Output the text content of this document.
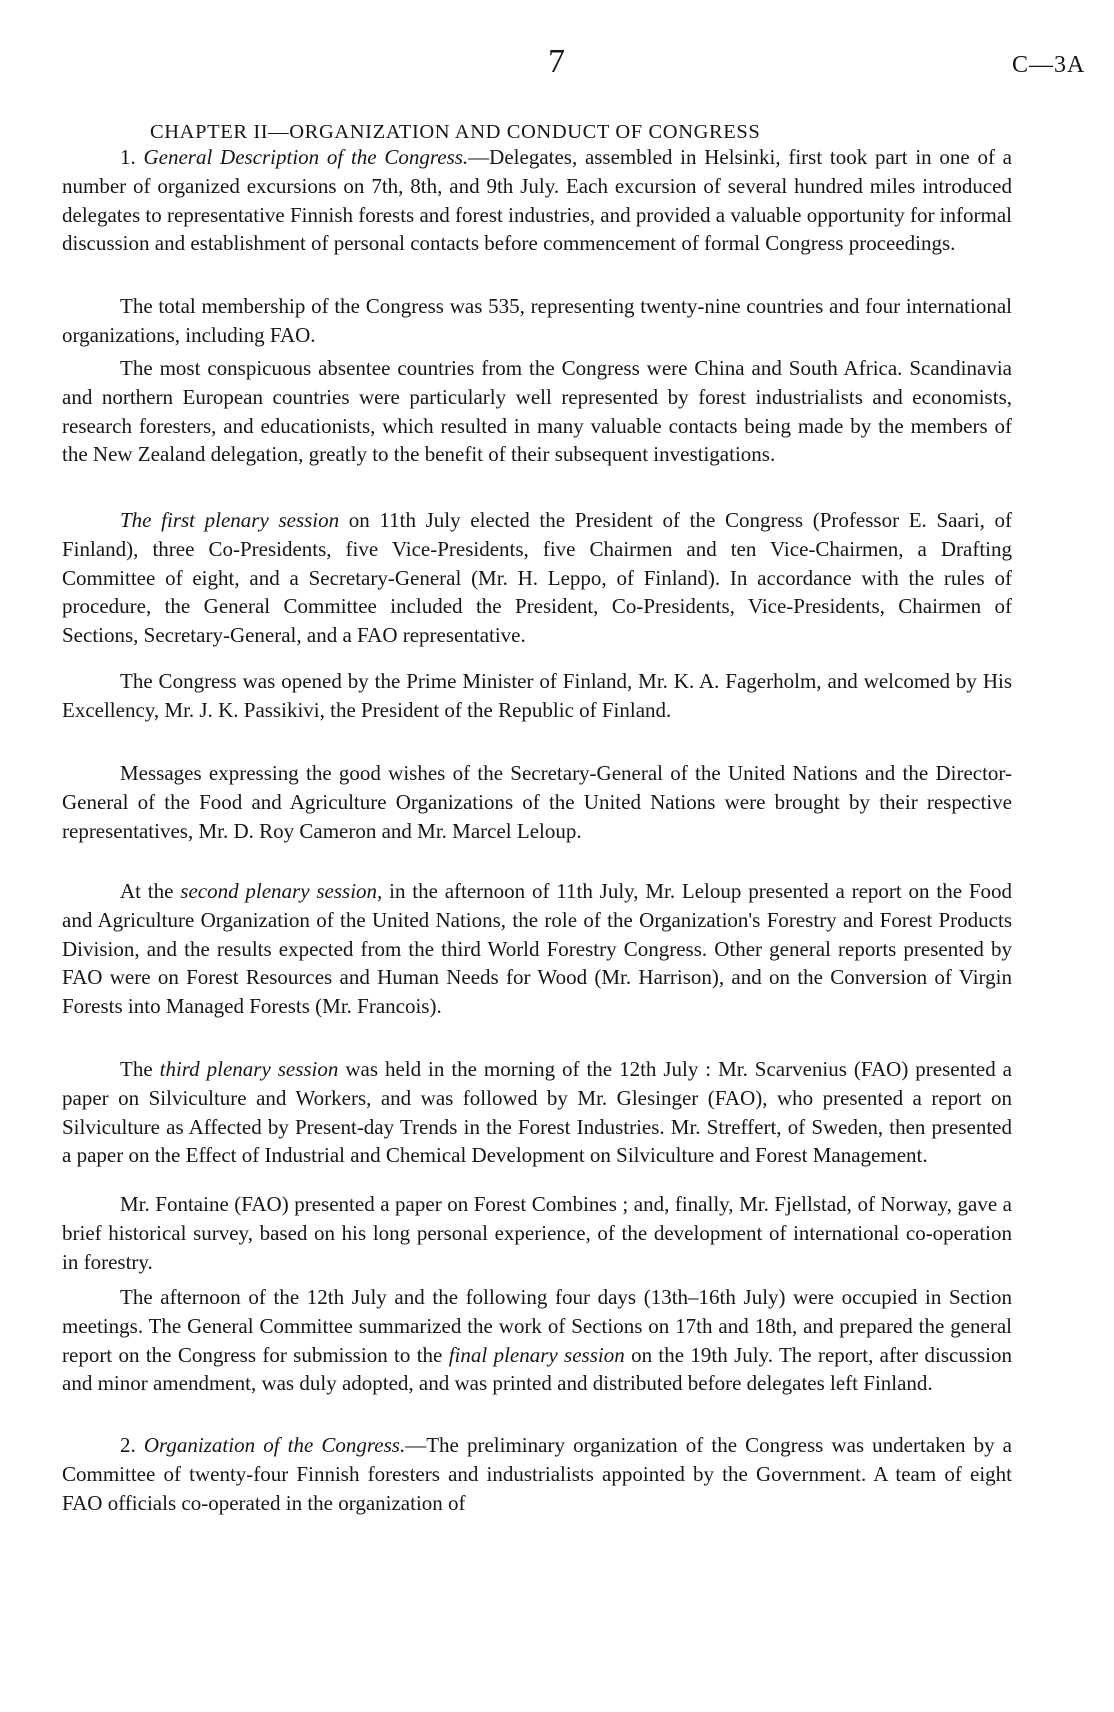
7	C—3A
CHAPTER II—ORGANIZATION AND CONDUCT OF CONGRESS

1. General Description of the Congress.—Delegates, assembled in Helsinki, first took part in one of a number of organized excursions on 7th, 8th, and 9th July. Each excursion of several hundred miles introduced delegates to representative Finnish forests and forest industries, and provided a valuable opportunity for informal discussion and establishment of personal contacts before commencement of formal Congress proceedings.

The total membership of the Congress was 535, representing twenty-nine countries and four international organizations, including FAO.

The most conspicuous absentee countries from the Congress were China and South Africa. Scandinavia and northern European countries were particularly well represented by forest industrialists and economists, research foresters, and educationists, which resulted in many valuable contacts being made by the members of the New Zealand delegation, greatly to the benefit of their subsequent investigations.

The first plenary session on 11th July elected the President of the Congress (Professor E. Saari, of Finland), three Co-Presidents, five Vice-Presidents, five Chairmen and ten Vice-Chairmen, a Drafting Committee of eight, and a Secretary-General (Mr. H. Leppo, of Finland). In accordance with the rules of procedure, the General Committee included the President, Co-Presidents, Vice-Presidents, Chairmen of Sections, Secretary-General, and a FAO representative.

The Congress was opened by the Prime Minister of Finland, Mr. K. A. Fagerholm, and welcomed by His Excellency, Mr. J. K. Passikivi, the President of the Republic of Finland.

Messages expressing the good wishes of the Secretary-General of the United Nations and the Director-General of the Food and Agriculture Organizations of the United Nations were brought by their respective representatives, Mr. D. Roy Cameron and Mr. Marcel Leloup.

At the second plenary session, in the afternoon of 11th July, Mr. Leloup presented a report on the Food and Agriculture Organization of the United Nations, the role of the Organization's Forestry and Forest Products Division, and the results expected from the third World Forestry Congress. Other general reports presented by FAO were on Forest Resources and Human Needs for Wood (Mr. Harrison), and on the Conversion of Virgin Forests into Managed Forests (Mr. Francois).

The third plenary session was held in the morning of the 12th July : Mr. Scarvenius (FAO) presented a paper on Silviculture and Workers, and was followed by Mr. Glesinger (FAO), who presented a report on Silviculture as Affected by Present-day Trends in the Forest Industries. Mr. Streffert, of Sweden, then presented a paper on the Effect of Industrial and Chemical Development on Silviculture and Forest Management.

Mr. Fontaine (FAO) presented a paper on Forest Combines ; and, finally, Mr. Fjellstad, of Norway, gave a brief historical survey, based on his long personal experience, of the development of international co-operation in forestry.

The afternoon of the 12th July and the following four days (13th–16th July) were occupied in Section meetings. The General Committee summarized the work of Sections on 17th and 18th, and prepared the general report on the Congress for submission to the final plenary session on the 19th July. The report, after discussion and minor amendment, was duly adopted, and was printed and distributed before delegates left Finland.

2. Organization of the Congress.—The preliminary organization of the Congress was undertaken by a Committee of twenty-four Finnish foresters and industrialists appointed by the Government. A team of eight FAO officials co-operated in the organization of
